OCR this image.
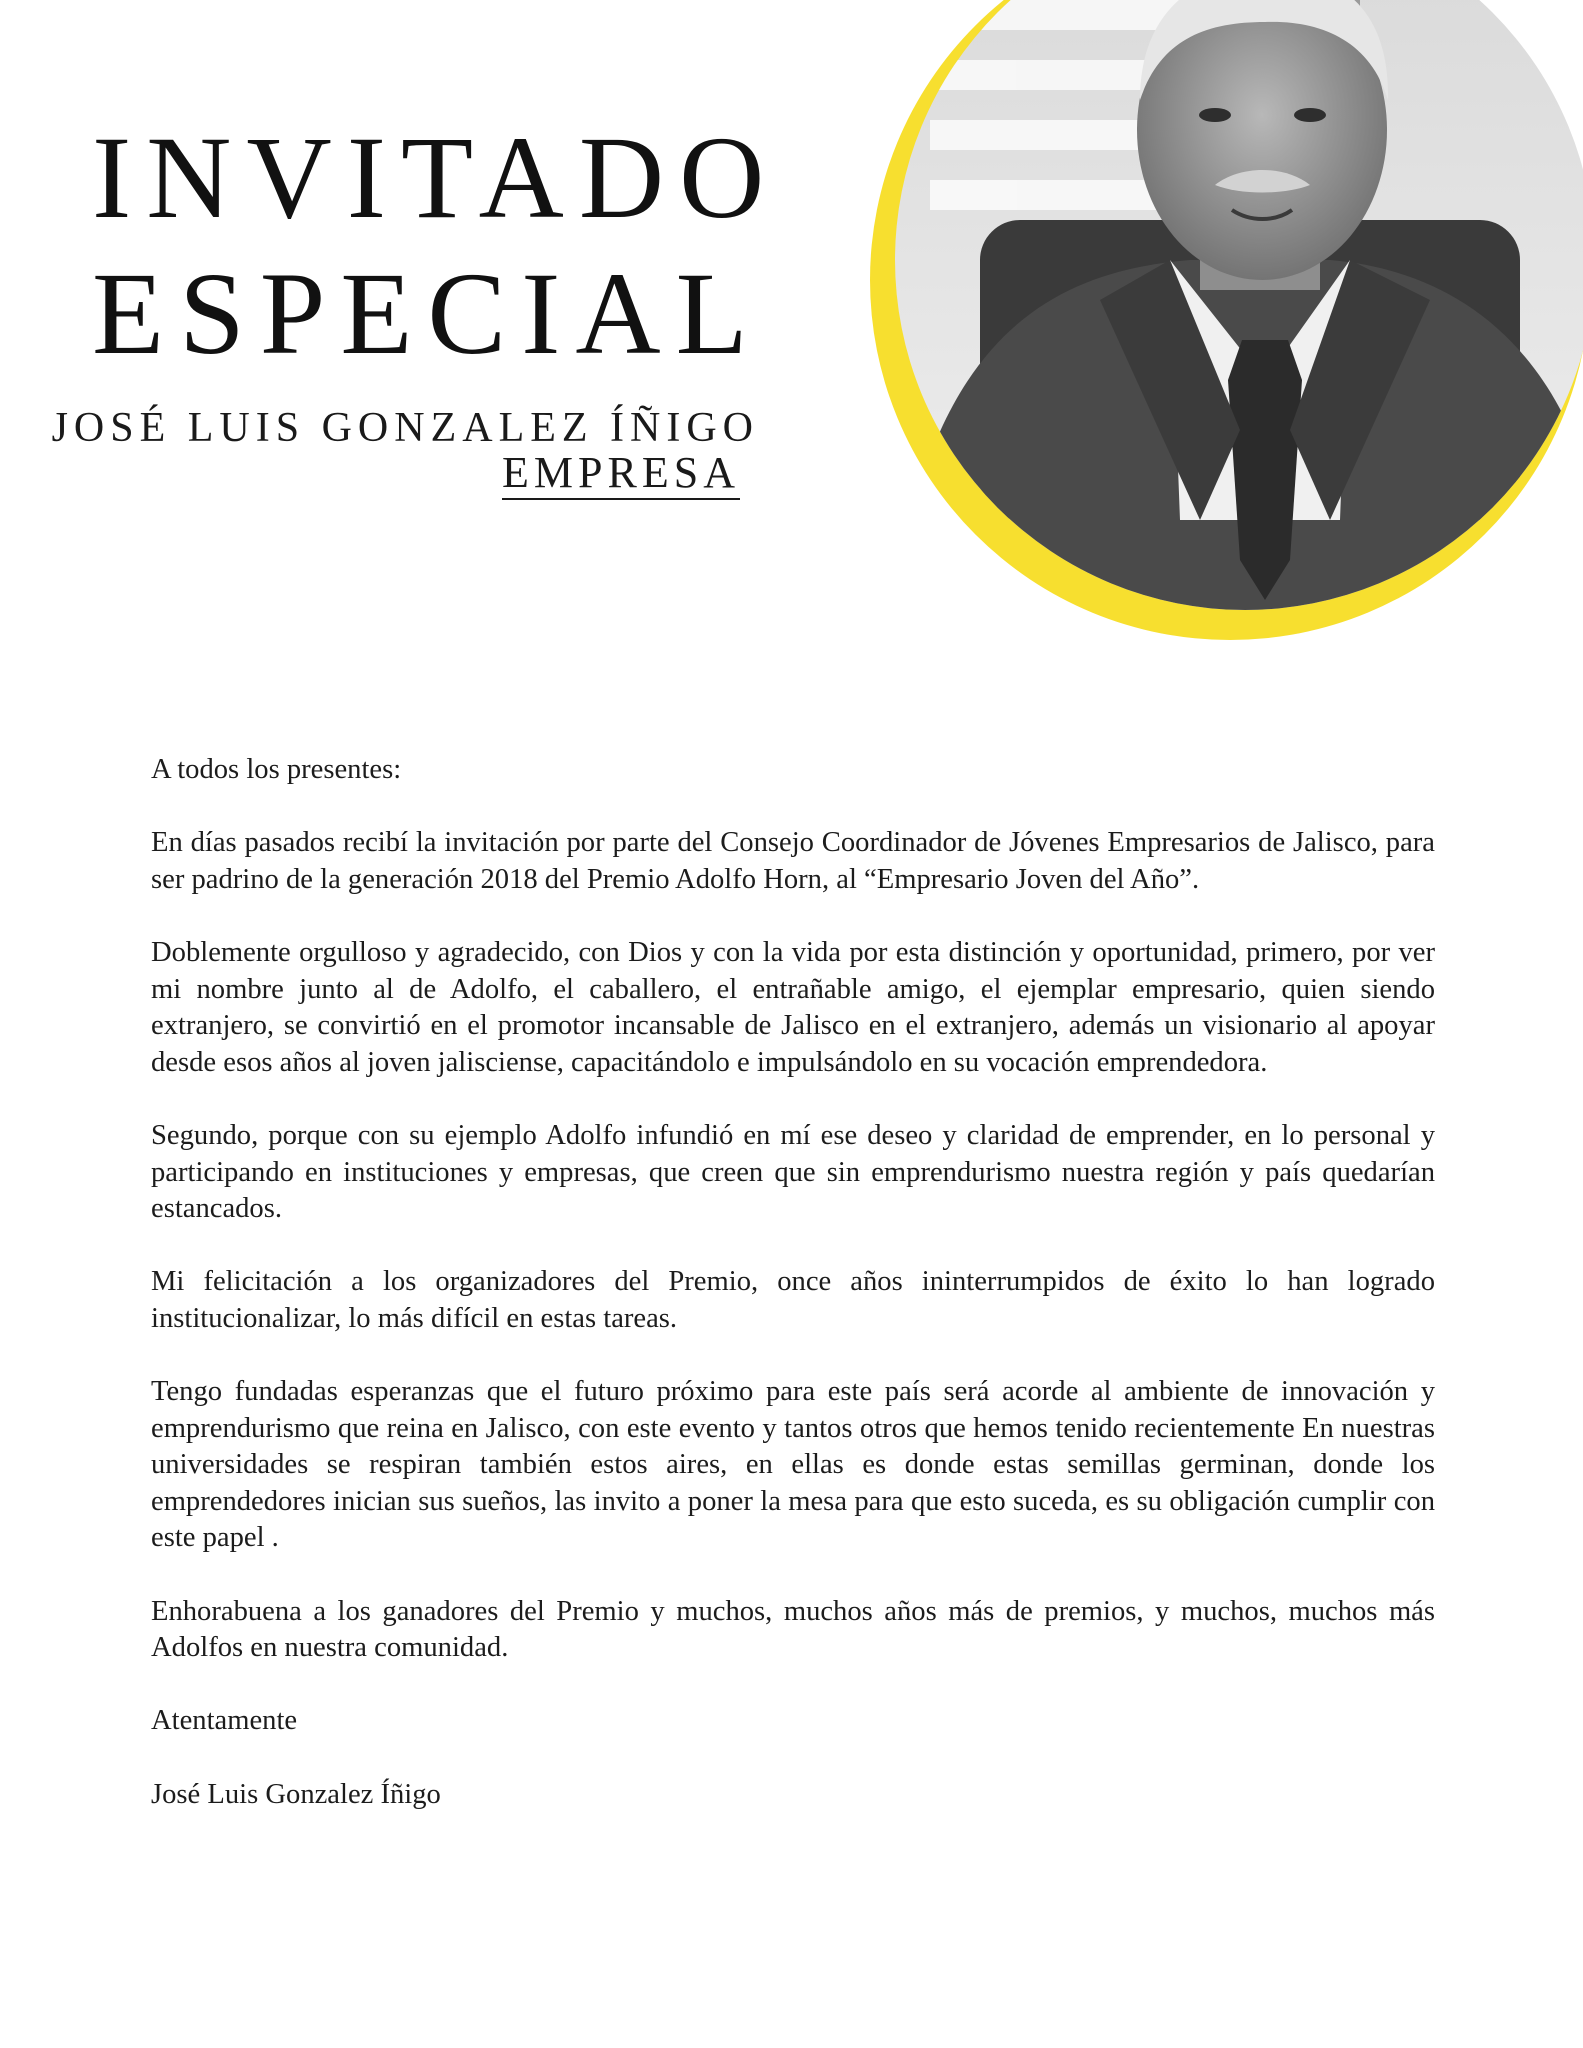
INVITADO
ESPECIAL
JOSÉ LUIS GONZALEZ ÍÑIGO
EMPRESA

A todos los presentes:

En días pasados recibí la invitación por parte del Consejo Coordinador de Jóvenes Empresarios de Jalisco, para ser padrino de la generación 2018 del Premio Adolfo Horn, al “Empresario Joven del Año”.

Doblemente orgulloso y agradecido, con Dios y con la vida por esta distinción y oportunidad, primero, por ver mi nombre junto al de Adolfo, el caballero, el entrañable amigo, el ejemplar empresario, quien siendo extranjero, se convirtió en el promotor incansable de Jalisco en el extranjero, además un visionario al apoyar desde esos años al joven jalisciense, capacitándolo e impulsándolo en su vocación emprendedora.

Segundo, porque con su ejemplo Adolfo infundió en mí ese deseo y claridad de emprender, en lo personal y participando en instituciones y empresas, que creen que sin emprendurismo nuestra región y país quedarían estancados.

Mi felicitación a los organizadores del Premio, once años ininterrumpidos de éxito lo han logrado institucionalizar, lo más difícil en estas tareas.

Tengo fundadas esperanzas que el futuro próximo para este país será acorde al ambiente de innovación y emprendurismo que reina en Jalisco, con este evento y tantos otros que hemos tenido recientemente En nuestras universidades se respiran también estos aires, en ellas es donde estas semillas germinan, donde los emprendedores inician sus sueños, las invito a poner la mesa para que esto suceda, es su obligación cumplir con este papel .

Enhorabuena a los ganadores del Premio y muchos, muchos años más de premios, y muchos, muchos más Adolfos en nuestra comunidad.

Atentamente

José Luis Gonzalez Íñigo
